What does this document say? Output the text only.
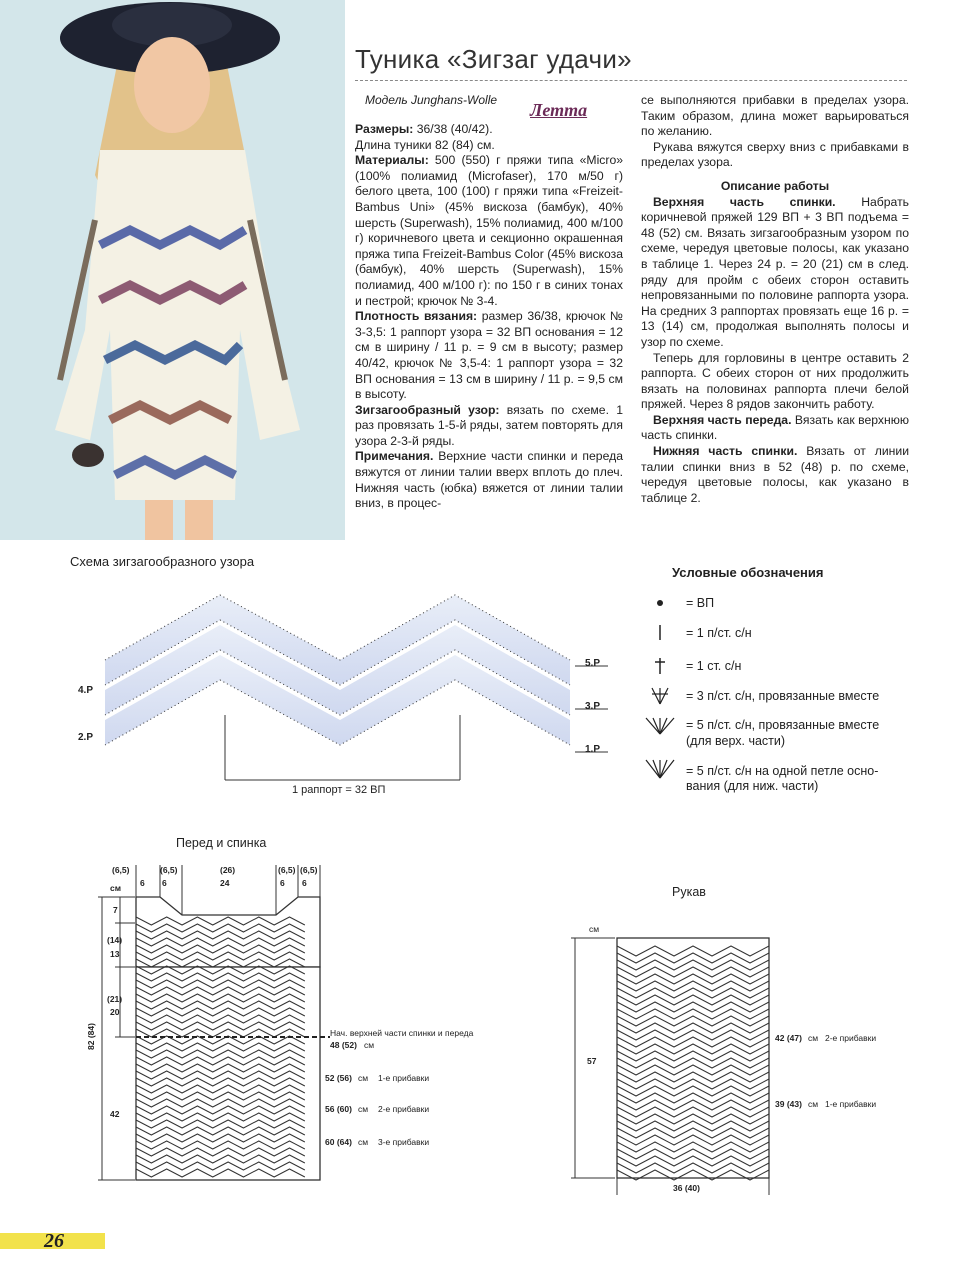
Туника «Зигзаг удачи»
Модель Junghans-Wolle Летта

Размеры: 36/38 (40/42).

Длина туники 82 (84) см.

Материалы: 500 (550) г пряжи типа «Micro» (100% полиамид (Microfaser), 170 м/50 г) белого цвета, 100 (100) г пряжи типа «Freizeit-Bambus Uni» (45% вискоза (бамбук), 40% шерсть (Superwash), 15% полиамид, 400 м/100 г) коричневого цвета и секционно окрашенная пряжа типа Freizeit-Bambus Color (45% вискоза (бамбук), 40% шерсть (Superwash), 15% полиамид, 400 м/100 г): по 150 г в синих тонах и пестрой; крючок № 3-4.

Плотность вязания: размер 36/38, крючок № 3-3,5: 1 раппорт узора = 32 ВП основания = 12 см в ширину / 11 р. = 9 см в высоту; размер 40/42, крючок № 3,5-4: 1 раппорт узора = 32 ВП основания = 13 см в ширину / 11 р. = 9,5 см в высоту.

Зигзагообразный узор: вязать по схеме. 1 раз провязать 1-5-й ряды, затем повторять для узора 2-3-й ряды.

Примечания. Верхние части спинки и переда вяжутся от линии талии вверх вплоть до плеч. Нижняя часть (юбка) вяжется от линии талии вниз, в процес-

се выполняются прибавки в пределах узора. Таким образом, длина может варьироваться по желанию.

Рукава вяжутся сверху вниз с прибавками в пределах узора.

Описание работы

Верхняя часть спинки. Набрать коричневой пряжей 129 ВП + 3 ВП подъема = 48 (52) см. Вязать зигзагообразным узором по схеме, чередуя цветовые полосы, как указано в таблице 1. Через 24 р. = 20 (21) см в след. ряду для пройм с обеих сторон оставить непровязанными по половине раппорта узора. На средних 3 раппортах провязать еще 16 р. = 13 (14) см, продолжая выполнять полосы и узор по схеме.

Теперь для горловины в центре оставить 2 раппорта. С обеих сторон от них продолжить вязать на половинах раппорта плечи белой пряжей. Через 8 рядов закончить работу.

Верхняя часть переда. Вязать как верхнюю часть спинки.

Нижняя часть спинки. Вязать от линии талии спинки вниз в 52 (48) р. по схеме, чередуя цветовые полосы, как указано в таблице 2.

Схема зигзагообразного узора
5.Р
4.Р
3.Р
2.Р
1.Р
1 раппорт = 32 ВП
Условные обозначения
= ВП
= 1 п/ст. с/н
= 1 ст. с/н
= 3 п/ст. с/н, провязанные вместе
= 5 п/ст. с/н, провязанные вместе
(для верх. части)
= 5 п/ст. с/н на одной петле осно-
вания (для ниж. части)
Перед и спинка
(6,5)	(6,5)	(26)	(6,5) (6,5)
6 6	24	6 6
см
7
(14)
13
(21)
20
42
82 (84)	Нач. верхней части спинки и переда
48 (52) см
52 (56) см 1-е прибавки
56 (60) см 2-е прибавки
60 (64) см 3-е прибавки
Рукав
см
57
42 (47) см 2-е прибавки
39 (43) см 1-е прибавки
36 (40)
26
